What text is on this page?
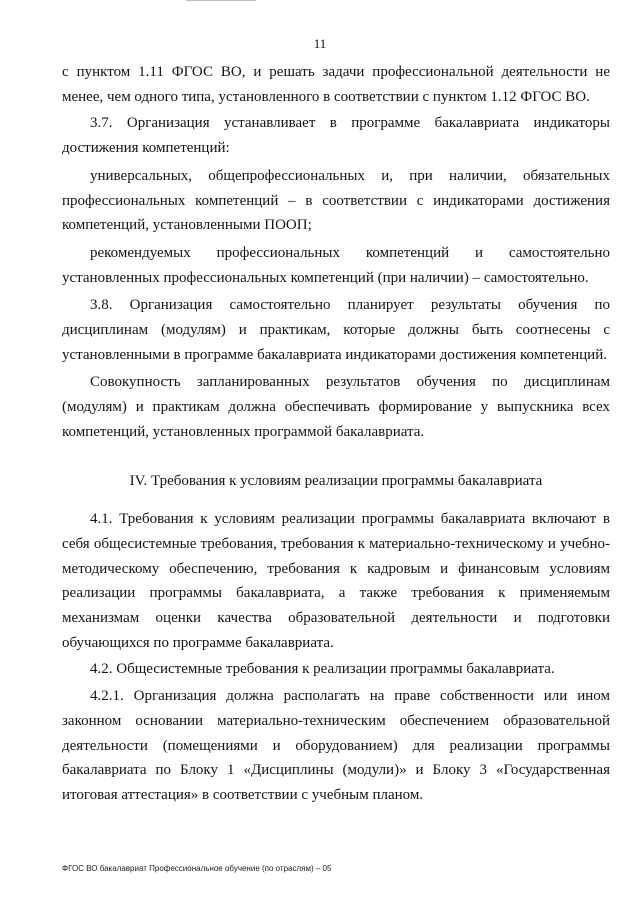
11

с пунктом 1.11 ФГОС ВО, и решать задачи профессиональной деятельности не менее, чем одного типа, установленного в соответствии с пунктом 1.12 ФГОС ВО.

3.7. Организация устанавливает в программе бакалавриата индикаторы достижения компетенций:

универсальных, общепрофессиональных и, при наличии, обязательных профессиональных компетенций – в соответствии с индикаторами достижения компетенций, установленными ПООП;

рекомендуемых профессиональных компетенций и самостоятельно установленных профессиональных компетенций (при наличии) – самостоятельно.

3.8. Организация самостоятельно планирует результаты обучения по дисциплинам (модулям) и практикам, которые должны быть соотнесены с установленными в программе бакалавриата индикаторами достижения компетенций.

Совокупность запланированных результатов обучения по дисциплинам (модулям) и практикам должна обеспечивать формирование у выпускника всех компетенций, установленных программой бакалавриата.

IV. Требования к условиям реализации программы бакалавриата

4.1. Требования к условиям реализации программы бакалавриата включают в себя общесистемные требования, требования к материально-техническому и учебно-методическому обеспечению, требования к кадровым и финансовым условиям реализации программы бакалавриата, а также требования к применяемым механизмам оценки качества образовательной деятельности и подготовки обучающихся по программе бакалавриата.

4.2. Общесистемные требования к реализации программы бакалавриата.

4.2.1. Организация должна располагать на праве собственности или ином законном основании материально-техническим обеспечением образовательной деятельности (помещениями и оборудованием) для реализации программы бакалавриата по Блоку 1 «Дисциплины (модули)» и Блоку 3 «Государственная итоговая аттестация» в соответствии с учебным планом.

ФГОС ВО бакалавриат Профессиональное обучение (по отраслям) – 05
